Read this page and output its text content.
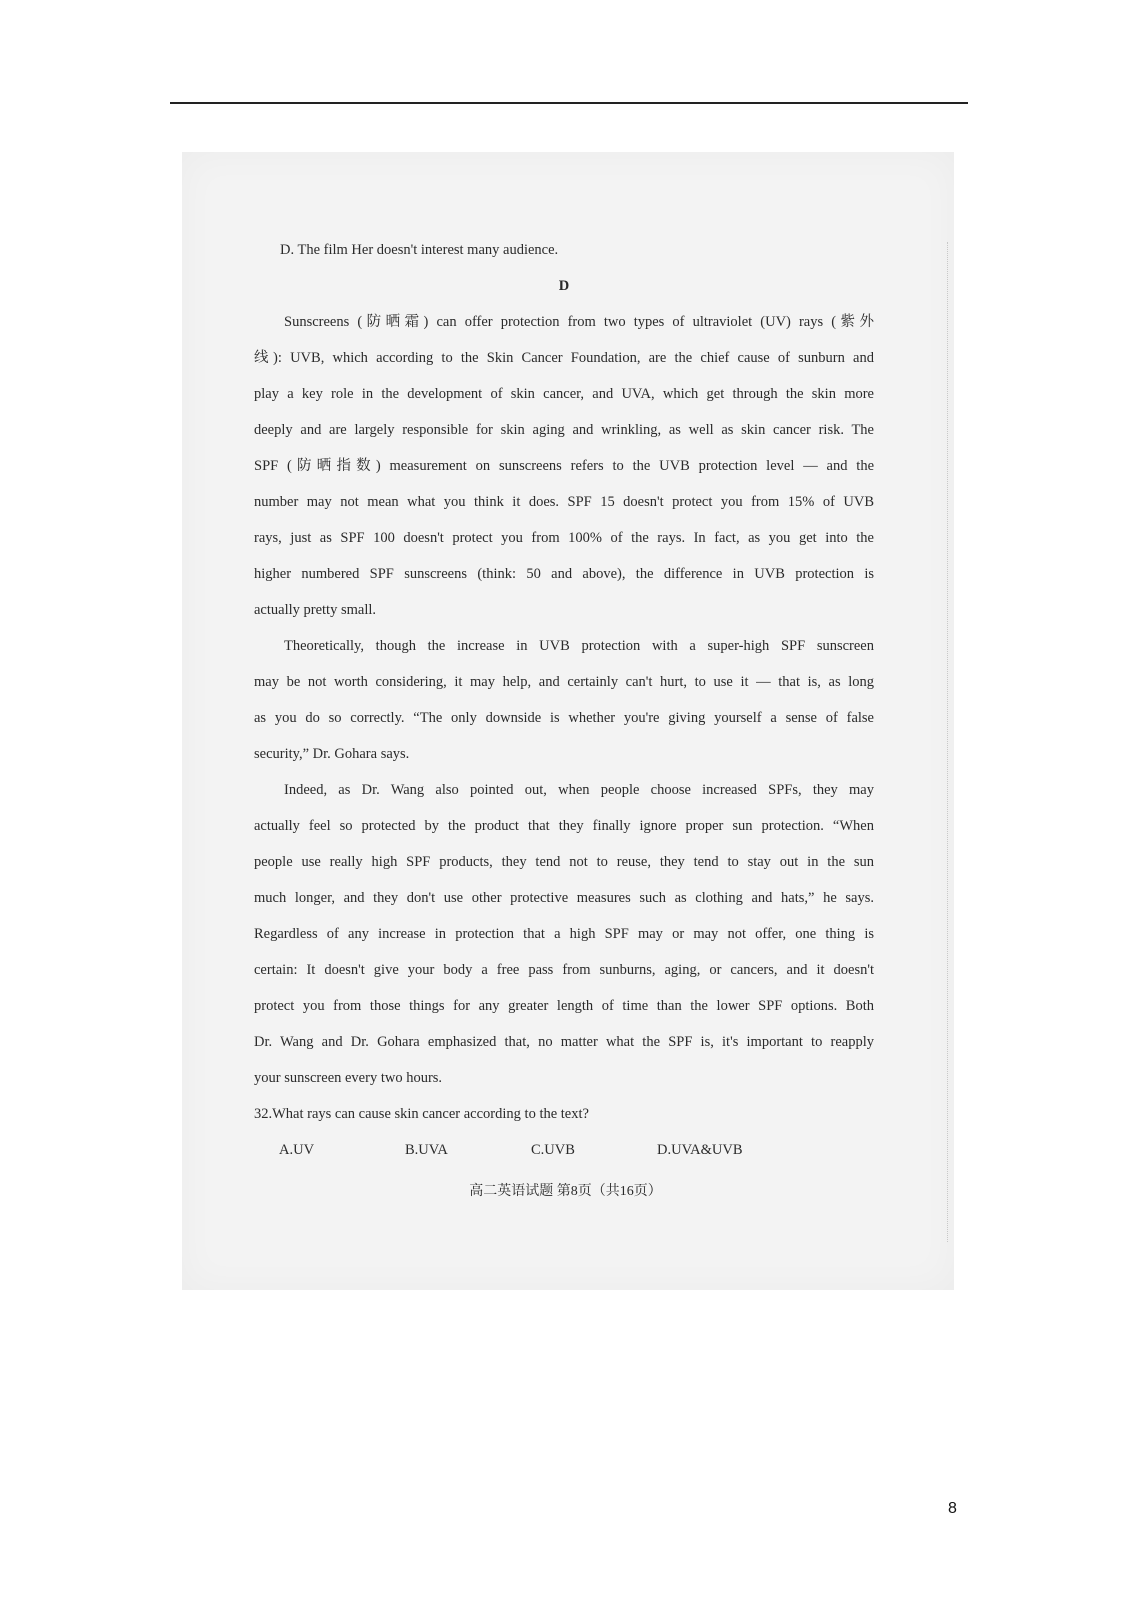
D. The film Her doesn't interest many audience.
D
Sunscreens (防晒霜) can offer protection from two types of ultraviolet (UV) rays (紫外
线): UVB, which according to the Skin Cancer Foundation, are the chief cause of sunburn and
play a key role in the development of skin cancer, and UVA, which get through the skin more
deeply and are largely responsible for skin aging and wrinkling, as well as skin cancer risk. The
SPF (防晒指数) measurement on sunscreens refers to the UVB protection level — and the
number may not mean what you think it does. SPF 15 doesn't protect you from 15% of UVB
rays, just as SPF 100 doesn't protect you from 100% of the rays. In fact, as you get into the
higher numbered SPF sunscreens (think: 50 and above), the difference in UVB protection is
actually pretty small.
Theoretically, though the increase in UVB protection with a super-high SPF sunscreen
may be not worth considering, it may help, and certainly can't hurt, to use it — that is, as long
as you do so correctly. “The only downside is whether you're giving yourself a sense of false
security,” Dr. Gohara says.
Indeed, as Dr. Wang also pointed out, when people choose increased SPFs, they may
actually feel so protected by the product that they finally ignore proper sun protection. “When
people use really high SPF products, they tend not to reuse, they tend to stay out in the sun
much longer, and they don't use other protective measures such as clothing and hats,” he says.
Regardless of any increase in protection that a high SPF may or may not offer, one thing is
certain: It doesn't give your body a free pass from sunburns, aging, or cancers, and it doesn't
protect you from those things for any greater length of time than the lower SPF options. Both
Dr. Wang and Dr. Gohara emphasized that, no matter what the SPF is, it's important to reapply
your sunscreen every two hours.
32.What rays can cause skin cancer according to the text?
A.UV	B.UVA	C.UVB	D.UVA&UVB
高二英语试题 第8页（共16页）
8
